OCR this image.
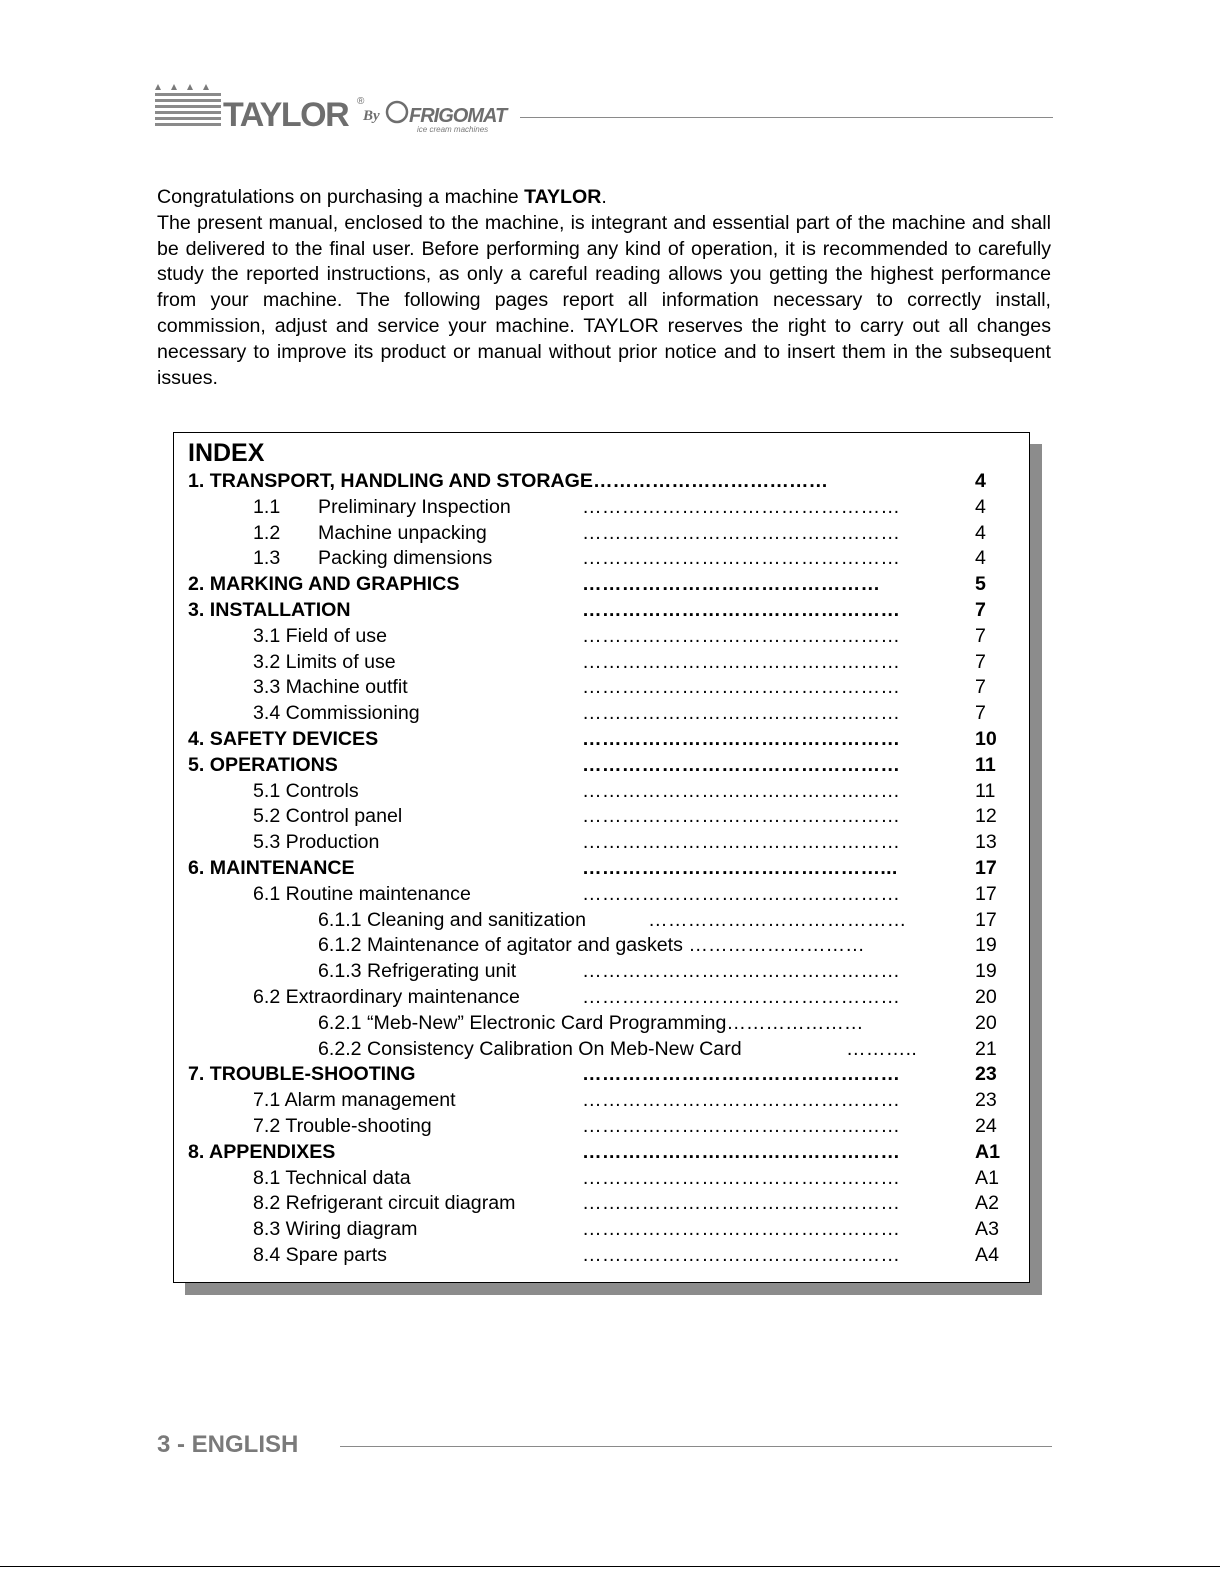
TAYLOR ®
By FRIGOMAT
ice cream machines

Congratulations on purchasing a machine TAYLOR.

The present manual, enclosed to the machine, is integrant and essential part of the machine and shall be delivered to the final user. Before performing any kind of operation, it is recommended to carefully study the reported instructions, as only a careful reading allows you getting the highest performance from your machine. The following pages report all information necessary to correctly install, commission, adjust and service your machine. TAYLOR reserves the right to carry out all changes necessary to improve its product or manual without prior notice and to insert them in the subsequent issues.

INDEX
1. TRANSPORT, HANDLING AND STORAGE………………………………	4
1.1 Preliminary Inspection	…………………………………………	4
1.2 Machine unpacking	…………………………………………	4
1.3 Packing dimensions	…………………………………………	4
2. MARKING AND GRAPHICS	………………………………………	5
3. INSTALLATION	…………………………………………	7
3.1 Field of use	…………………………………………	7
3.2 Limits of use	…………………………………………	7
3.3 Machine outfit	…………………………………………	7
3.4 Commissioning	…………………………………………	7
4. SAFETY DEVICES	…………………………………………	10
5. OPERATIONS	…………………………………………	11
5.1 Controls	…………………………………………	11
5.2 Control panel	…………………………………………	12
5.3 Production	…………………………………………	13
6. MAINTENANCE	………………………………………...	17
6.1 Routine maintenance	…………………………………………	17
6.1.1 Cleaning and sanitization	…………………………………	17
6.1.2 Maintenance of agitator and gaskets ………………………	19
6.1.3 Refrigerating unit	…………………………………………	19
6.2 Extraordinary maintenance	…………………………………………	20
6.2.1 “Meb-New” Electronic Card Programming…………………	20
6.2.2 Consistency Calibration On Meb-New Card	………..	21
7. TROUBLE-SHOOTING	…………………………………………	23
7.1 Alarm management	…………………………………………	23
7.2 Trouble-shooting	…………………………………………	24
8. APPENDIXES	…………………………………………	A1
8.1 Technical data	…………………………………………	A1
8.2 Refrigerant circuit diagram	…………………………………………	A2
8.3 Wiring diagram	…………………………………………	A3
8.4 Spare parts	…………………………………………	A4
3 - ENGLISH
